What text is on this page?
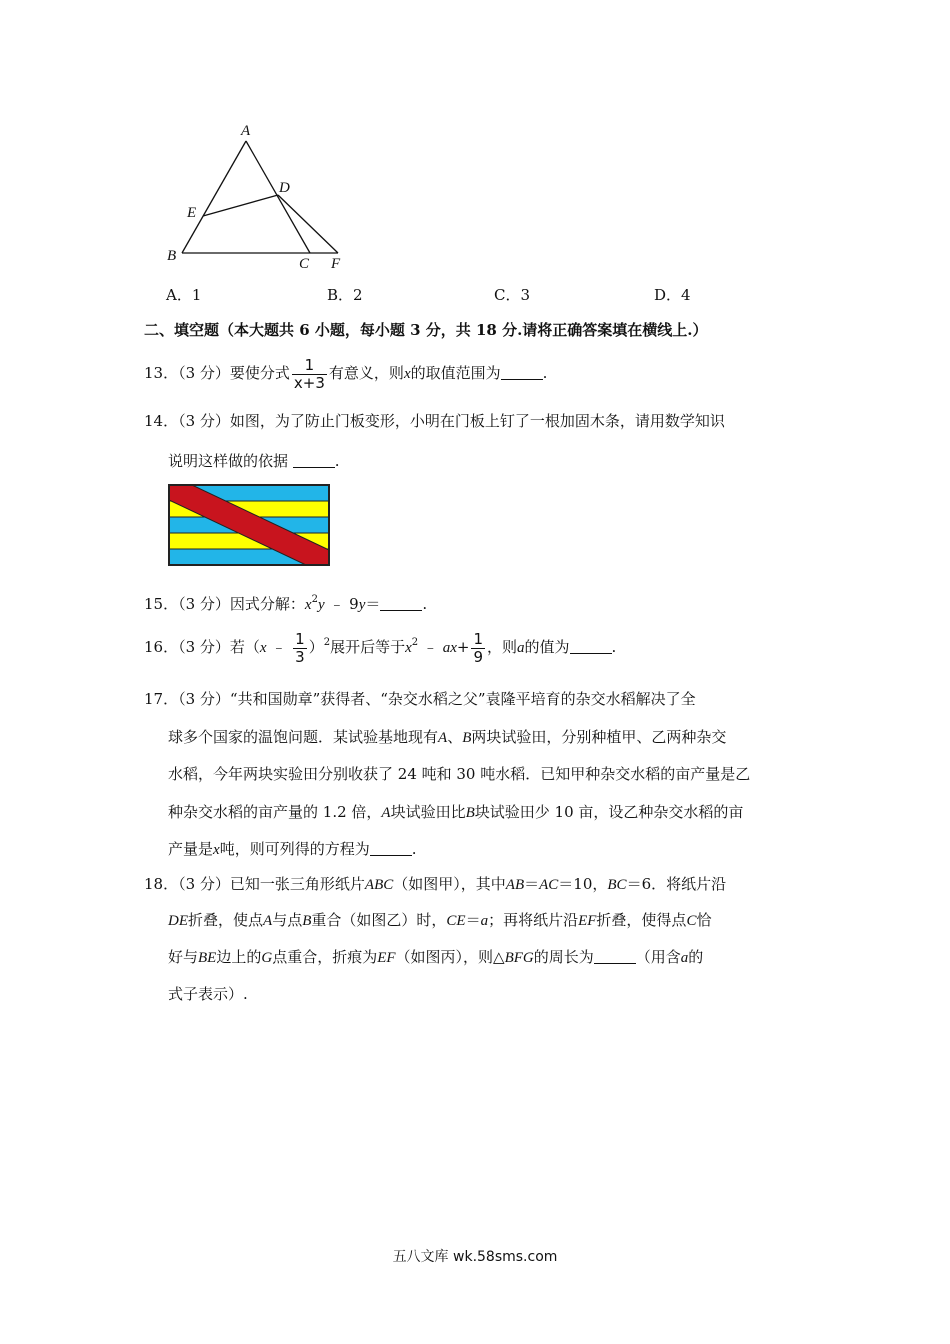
A
D
E
B	C F
A．1	B．2	C．3	D．4
二、填空题（本大题共 6 小题，每小题 3 分，共 18 分.请将正确答案填在横线上.）
13．（3 分）要使分式 $\frac{1}{x+3}$ 有意义，则x的取值范围为	.
14．（3 分）如图，为了防止门板变形，小明在门板上钉了一根加固木条，请用数学知识
说明这样做的依据	.
15．（3 分）因式分解：$x^2y$ ﹣ 9y＝	.
16．（3 分）若（x ﹣ $\frac{1}{3} )^2$展开后等于$x^2$ ﹣ $ax+ \frac{1}{9}$ ，则a的值为	.
17．（3 分）“共和国勋章”获得者、“杂交水稻之父”袁隆平培育的杂交水稻解决了全
球多个国家的温饱问题．某试验基地现有A、B两块试验田，分别种植甲、乙两种杂交
水稻，今年两块实验田分别收获了 24 吨和 30 吨水稻．已知甲种杂交水稻的亩产量是乙
种杂交水稻的亩产量的 1.2 倍，A块试验田比B块试验田少 10 亩，设乙种杂交水稻的亩
产量是x吨，则可列得的方程为	.
18．（3 分）已知一张三角形纸片ABC（如图甲），其中AB＝AC＝10，BC＝6．将纸片沿
DE折叠，使点A与点B重合（如图乙）时，CE＝a；再将纸片沿EF折叠，使得点C恰
好与BE边上的G点重合，折痕为EF（如图丙），则△BFG的周长为	（用含a的
式子表示）.
五八文库 wk.58sms.com
